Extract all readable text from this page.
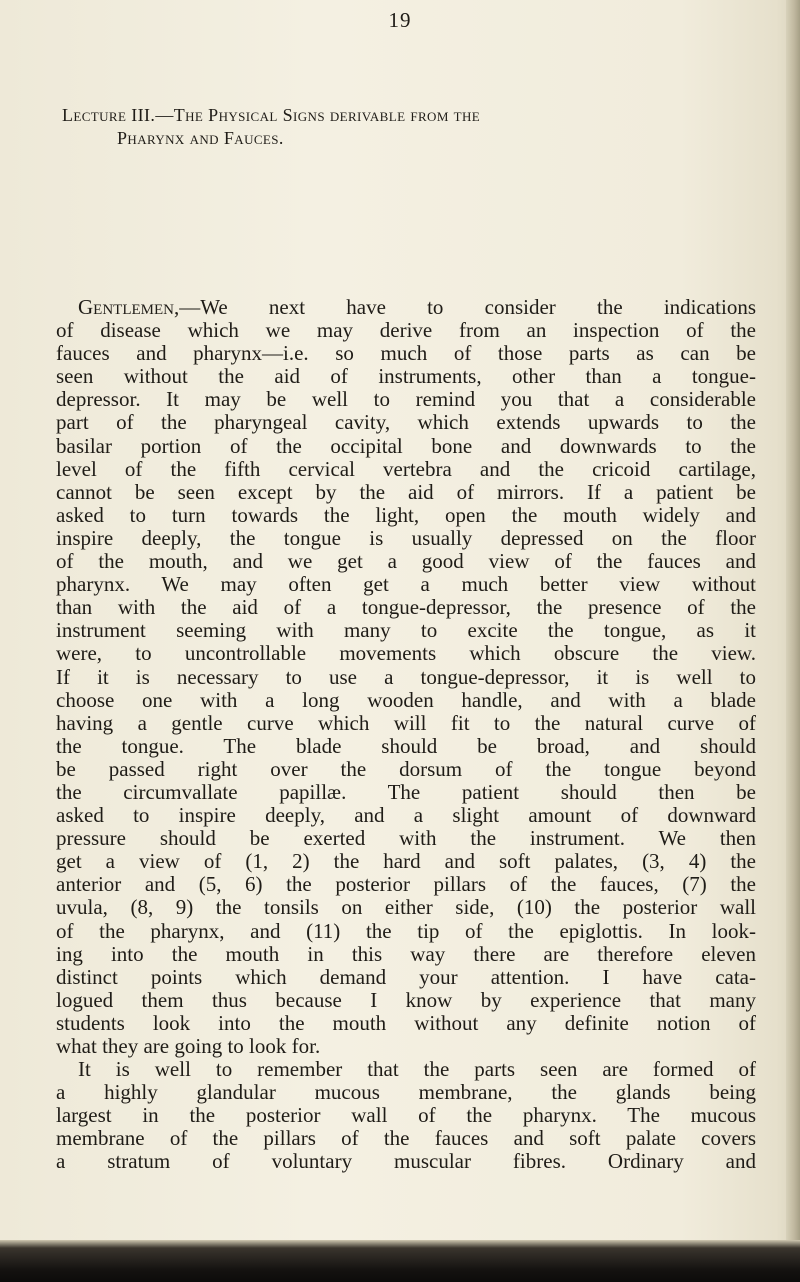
19
Lecture III.—The Physical Signs derivable from the
Pharynx and Fauces.
Gentlemen,—We next have to consider the indications
of disease which we may derive from an inspection of the
fauces and pharynx—i.e. so much of those parts as can be
seen without the aid of instruments, other than a tongue-
depressor. It may be well to remind you that a considerable
part of the pharyngeal cavity, which extends upwards to the
basilar portion of the occipital bone and downwards to the
level of the fifth cervical vertebra and the cricoid cartilage,
cannot be seen except by the aid of mirrors. If a patient be
asked to turn towards the light, open the mouth widely and
inspire deeply, the tongue is usually depressed on the floor
of the mouth, and we get a good view of the fauces and
pharynx. We may often get a much better view without
than with the aid of a tongue-depressor, the presence of the
instrument seeming with many to excite the tongue, as it
were, to uncontrollable movements which obscure the view.
If it is necessary to use a tongue-depressor, it is well to
choose one with a long wooden handle, and with a blade
having a gentle curve which will fit to the natural curve of
the tongue. The blade should be broad, and should
be passed right over the dorsum of the tongue beyond
the circumvallate papillæ. The patient should then be
asked to inspire deeply, and a slight amount of downward
pressure should be exerted with the instrument. We then
get a view of (1, 2) the hard and soft palates, (3, 4) the
anterior and (5, 6) the posterior pillars of the fauces, (7) the
uvula, (8, 9) the tonsils on either side, (10) the posterior wall
of the pharynx, and (11) the tip of the epiglottis. In look-
ing into the mouth in this way there are therefore eleven
distinct points which demand your attention. I have cata-
logued them thus because I know by experience that many
students look into the mouth without any definite notion of
what they are going to look for.
It is well to remember that the parts seen are formed of
a highly glandular mucous membrane, the glands being
largest in the posterior wall of the pharynx. The mucous
membrane of the pillars of the fauces and soft palate covers
a stratum of voluntary muscular fibres. Ordinary and
